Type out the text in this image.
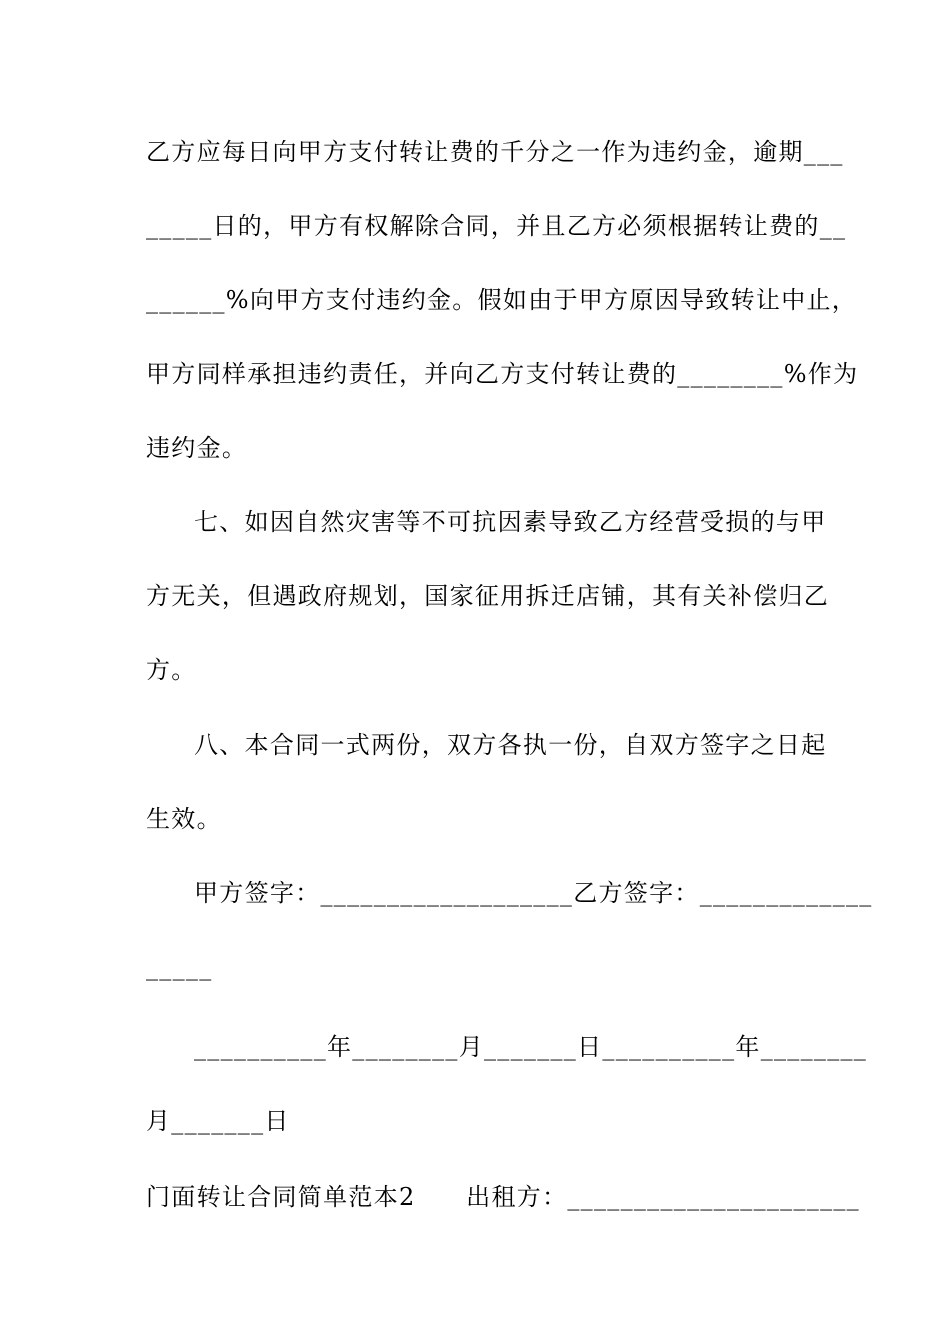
乙方应每日向甲方支付转让费的千分之一作为违约金，逾期___
_____日的，甲方有权解除合同，并且乙方必须根据转让费的__
______%向甲方支付违约金。假如由于甲方原因导致转让中止，
甲方同样承担违约责任，并向乙方支付转让费的________%作为
违约金。
七、如因自然灾害等不可抗因素导致乙方经营受损的与甲
方无关，但遇政府规划，国家征用拆迁店铺，其有关补偿归乙
方。
八、本合同一式两份，双方各执一份，自双方签字之日起
生效。
甲方签字：___________________乙方签字：_____________
_____
__________年________月_______日__________年________
月_______日
门面转让合同简单范本2　　出租方：______________________
